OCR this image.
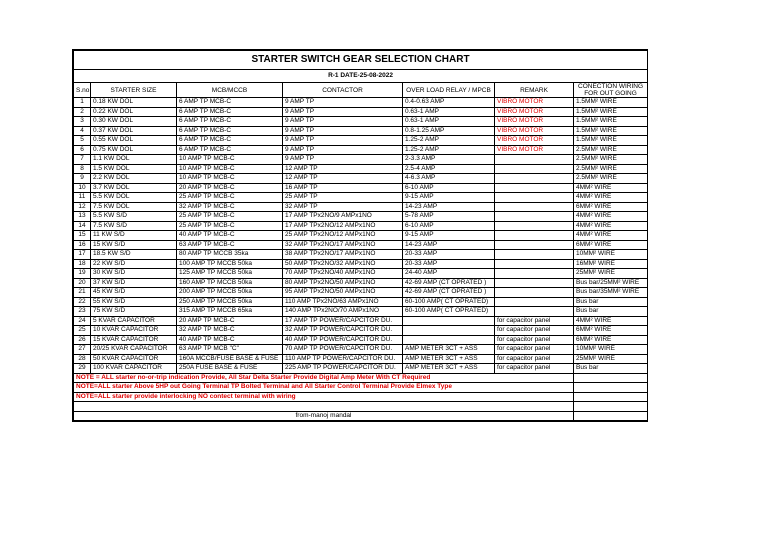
STARTER SWITCH GEAR SELECTION CHART						
R-1 DATE-25-08-2022						
S.no	STARTER SIZE	MCB/MCCB	CONTACTOR	OVER LOAD RELAY / MPCB	REMARK	CONECTION WIRING FOR OUT GOING
1	0.18 KW DOL	6 AMP TP MCB-C	9 AMP TP	0.4-0.63 AMP	VIBRO MOTOR	1.5MM² WIRE
2	0.22 KW DOL	6 AMP TP MCB-C	9 AMP TP	0.63-1 AMP	VIBRO MOTOR	1.5MM² WIRE
3	0.30 KW DOL	6 AMP TP MCB-C	9 AMP TP	0.63-1 AMP	VIBRO MOTOR	1.5MM² WIRE
4	0.37 KW DOL	6 AMP TP MCB-C	9 AMP TP	0.8-1.25 AMP	VIBRO MOTOR	1.5MM² WIRE
5	0.55 KW DOL	6 AMP TP MCB-C	9 AMP TP	1.25-2 AMP	VIBRO MOTOR	1.5MM² WIRE
6	0.75 KW DOL	6 AMP TP MCB-C	9 AMP TP	1.25-2 AMP	VIBRO MOTOR	2.5MM² WIRE
7	1.1 KW DOL	10 AMP TP MCB-C	9 AMP TP	2-3.3 AMP		2.5MM² WIRE
8	1.5 KW DOL	10 AMP TP MCB-C	12 AMP TP	2.5-4 AMP		2.5MM² WIRE
9	2.2 KW DOL	10 AMP TP MCB-C	12 AMP TP	4-6.3 AMP		2.5MM² WIRE
10	3.7 KW DOL	20 AMP TP MCB-C	16 AMP TP	6-10 AMP		4MM² WIRE
11	5.5 KW DOL	25 AMP TP MCB-C	25 AMP TP	9-15 AMP		4MM² WIRE
12	7.5 KW DOL	32 AMP TP MCB-C	32 AMP TP	14-23 AMP		6MM² WIRE
13	5.5 KW S/D	25 AMP TP MCB-C	17 AMP TPx2NO/9 AMPx1NO	5-78 AMP		4MM² WIRE
14	7.5 KW S/D	25 AMP TP MCB-C	17 AMP TPx2NO/12 AMPx1NO	6-10 AMP		4MM² WIRE
15	11 KW S/D	40 AMP TP MCB-C	25 AMP TPx2NO/12 AMPx1NO	9-15 AMP		4MM² WIRE
16	15 KW S/D	63 AMP TP MCB-C	32 AMP TPx2NO/17 AMPx1NO	14-23 AMP		6MM² WIRE
17	18.5 KW S/D	80 AMP TP MCCB 35ka	38 AMP TPx2NO/17 AMPx1NO	20-33 AMP		10MM² WIRE
18	22 KW S/D	100 AMP TP MCCB 50ka	50 AMP TPx2NO/32 AMPx1NO	20-33 AMP		16MM² WIRE
19	30 KW S/D	125 AMP TP MCCB 50ka	70 AMP TPx2NO/40 AMPx1NO	24-40 AMP		25MM² WIRE
20	37 KW S/D	160 AMP TP MCCB 50ka	80 AMP TPx2NO/50 AMPx1NO	42-69 AMP (CT OPRATED )		Bus bar/25MM² WIRE
21	45 KW S/D	200 AMP TP MCCB 50ka	95 AMP TPx2NO/50 AMPx1NO	42-69 AMP (CT OPRATED )		Bus bar/35MM² WIRE
22	55 KW S/D	250 AMP TP MCCB 50ka	110 AMP TPx2NO/63 AMPx1NO	60-100 AMP( CT OPRATED)		Bus bar
23	75 KW S/D	315 AMP TP MCCB 65ka	140 AMP TPx2NO/70 AMPx1NO	60-100 AMP( CT OPRATED)		Bus bar
24	5 KVAR CAPACITOR	20 AMP TP MCB-C	17 AMP TP POWER/CAPCITOR DU.		for capacitor panel	4MM² WIRE
25	10 KVAR CAPACITOR	32 AMP TP MCB-C	32 AMP TP POWER/CAPCITOR DU.		for capacitor panel	6MM² WIRE
26	15 KVAR CAPACITOR	40 AMP TP MCB-C	40 AMP TP POWER/CAPCITOR DU.		for capacitor panel	6MM² WIRE
27	20/25 KVAR CAPACITOR	63 AMP TP MCB "C"	70 AMP TP POWER/CAPCITOR DU.	AMP METER 3CT + ASS	for capacitor panel	10MM² WIRE
28	50 KVAR CAPACITOR	160A MCCB/FUSE BASE & FUSE	110 AMP TP POWER/CAPCITOR DU.	AMP METER 3CT + ASS	for capacitor panel	25MM² WIRE
29	100 KVAR CAPACITOR	250A FUSE BASE & FUSE	225 AMP TP POWER/CAPCITOR DU.	AMP METER 3CT + ASS	for capacitor panel	Bus bar
NOTE = ALL starter no-or-trip indication Provide, All Star Delta Starter Provide Digital Amp Meter With CT Required						
NOTE=ALL starter Above 5HP out Going Terminal TP Bolted Terminal and All Starter Control Terminal Provide Elmex Type						
NOTE=ALL starter provide interlocking NO contect terminal with wiring						

from-manoj mandal						
